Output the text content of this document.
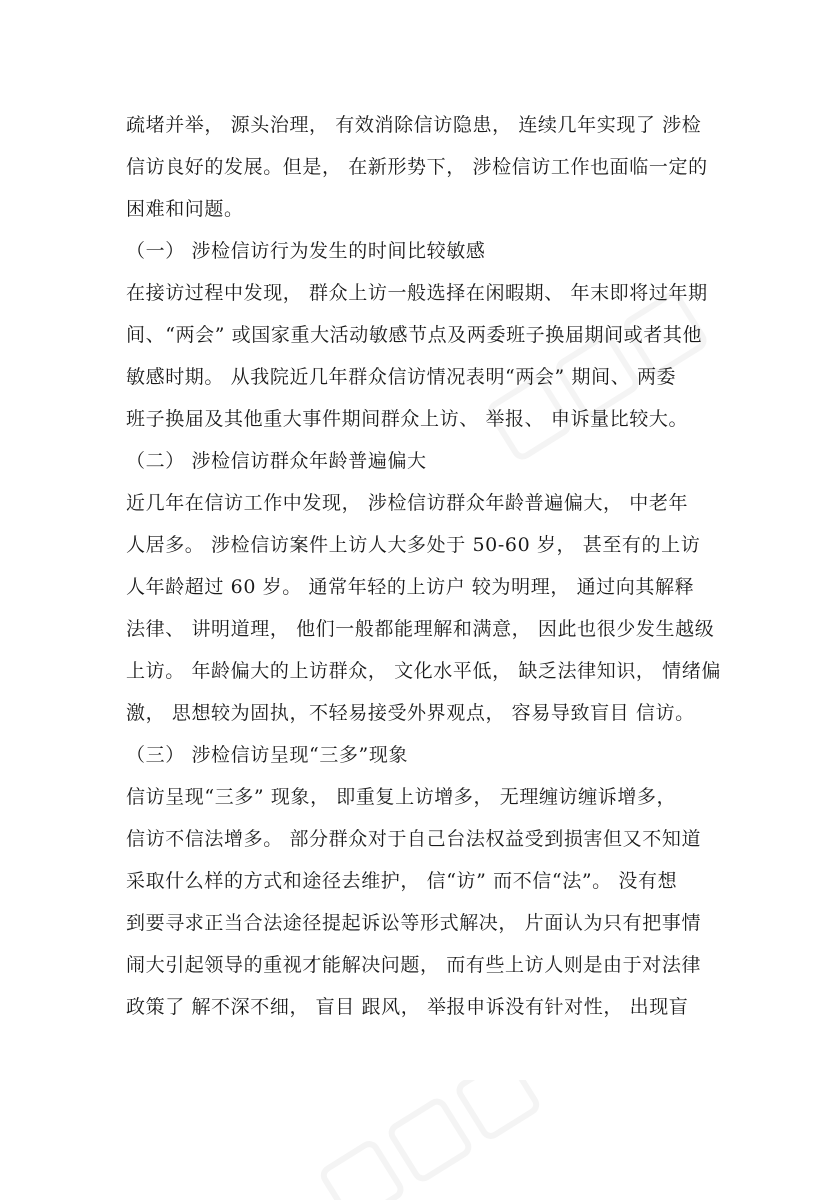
疏堵并举， 源头治理， 有效消除信访隐患， 连续几年实现了 涉检
信访良好的发展。但是， 在新形势下， 涉检信访工作也面临一定的
困难和问题。
（一） 涉检信访行为发生的时间比较敏感
在接访过程中发现， 群众上访一般选择在闲暇期、 年末即将过年期
间、“两会” 或国家重大活动敏感节点及两委班子换届期间或者其他
敏感时期。 从我院近几年群众信访情况表明“两会” 期间、 两委
班子换届及其他重大事件期间群众上访、 举报、 申诉量比较大。
（二） 涉检信访群众年龄普遍偏大
近几年在信访工作中发现， 涉检信访群众年龄普遍偏大， 中老年
人居多。 涉检信访案件上访人大多处于 50-60 岁， 甚至有的上访
人年龄超过 60 岁。 通常年轻的上访户 较为明理， 通过向其解释
法律、 讲明道理， 他们一般都能理解和满意， 因此也很少发生越级
上访。 年龄偏大的上访群众， 文化水平低， 缺乏法律知识， 情绪偏
激， 思想较为固执，不轻易接受外界观点， 容易导致盲目 信访。
（三） 涉检信访呈现“三多”现象
信访呈现“三多” 现象， 即重复上访增多， 无理缠访缠诉增多，
信访不信法增多。 部分群众对于自己台法权益受到损害但又不知道
采取什么样的方式和途径去维护， 信“访” 而不信“法”。 没有想
到要寻求正当合法途径提起诉讼等形式解决， 片面认为只有把事情
闹大引起领导的重视才能解决问题， 而有些上访人则是由于对法律
政策了 解不深不细， 盲目 跟风， 举报申诉没有针对性， 出现盲
